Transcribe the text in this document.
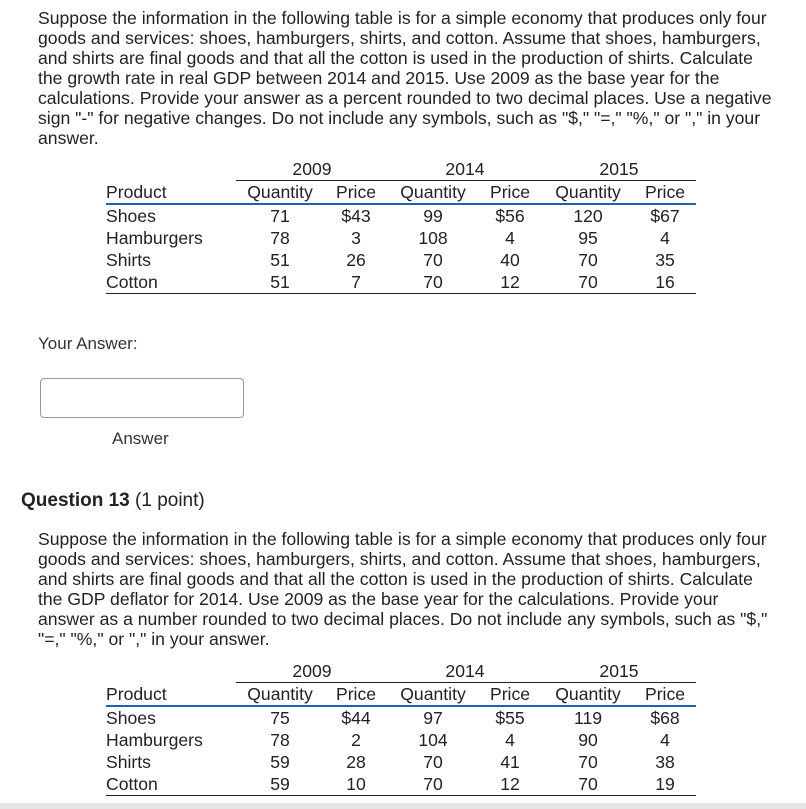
Suppose the information in the following table is for a simple economy that produces only four goods and services: shoes, hamburgers, shirts, and cotton. Assume that shoes, hamburgers, and shirts are final goods and that all the cotton is used in the production of shirts. Calculate the growth rate in real GDP between 2014 and 2015. Use 2009 as the base year for the calculations. Provide your answer as a percent rounded to two decimal places. Use a negative sign "-" for negative changes. Do not include any symbols, such as "$," "=," "%," or "," in your answer.

	2009		2014		2015	
Product	Quantity	Price	Quantity	Price	Quantity	Price
Shoes	71	$43	99	$56	120	$67
Hamburgers	78	3	108	4	95	4
Shirts	51	26	70	40	70	35
Cotton	51	7	70	12	70	16
Your Answer:
Answer
Question 13 (1 point)

Suppose the information in the following table is for a simple economy that produces only four goods and services: shoes, hamburgers, shirts, and cotton. Assume that shoes, hamburgers, and shirts are final goods and that all the cotton is used in the production of shirts. Calculate the GDP deflator for 2014. Use 2009 as the base year for the calculations. Provide your answer as a number rounded to two decimal places. Do not include any symbols, such as "$," "=," "%," or "," in your answer.

	2009		2014		2015	
Product	Quantity	Price	Quantity	Price	Quantity	Price
Shoes	75	$44	97	$55	119	$68
Hamburgers	78	2	104	4	90	4
Shirts	59	28	70	41	70	38
Cotton	59	10	70	12	70	19
